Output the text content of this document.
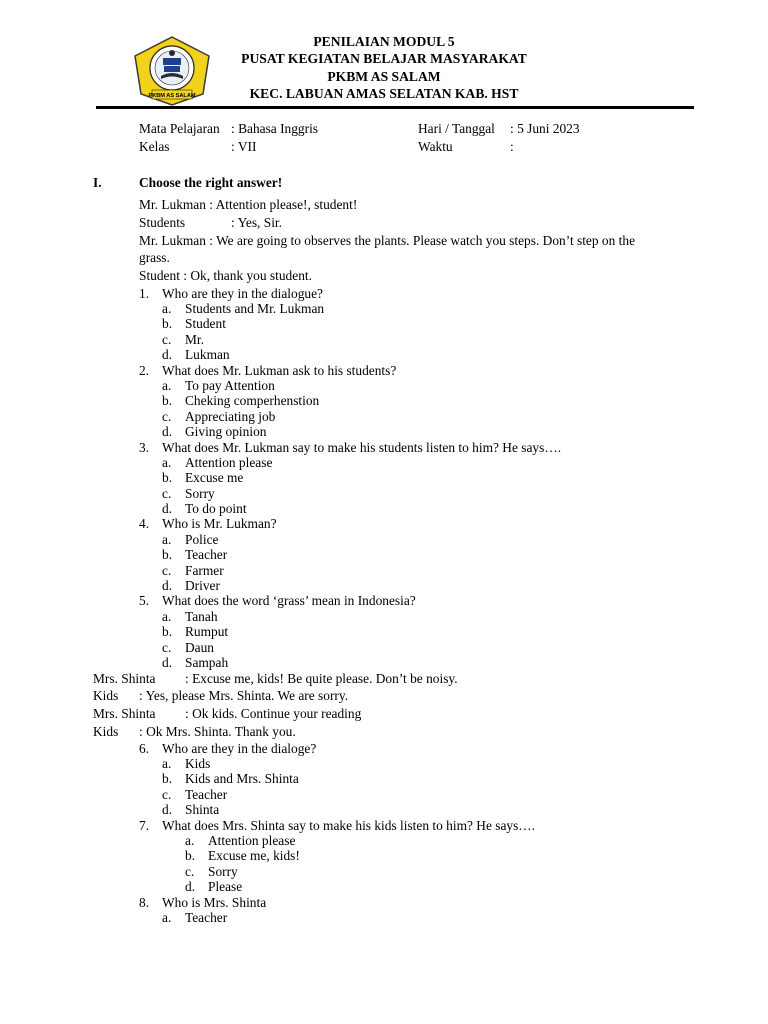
PKBM AS SALAM
PENILAIAN MODUL 5
PUSAT KEGIATAN BELAJAR MASYARAKAT
PKBM AS SALAM
KEC. LABUAN AMAS SELATAN KAB. HST
Mata Pelajaran : Bahasa Inggris
Kelas	: VII
Hari / Tanggal : 5 Juni 2023
Waktu	:
I.	Choose the right answer!
Mr. Lukman : Attention please!, student!
Students	: Yes, Sir.
Mr. Lukman : We are going to observes the plants. Please watch you steps. Don’t step on the
grass.
Student : Ok, thank you student.
1. Who are they in the dialogue?
a. Students and Mr. Lukman
b. Student
c. Mr.
d. Lukman
2. What does Mr. Lukman ask to his students?
a. To pay Attention
b. Cheking comperhenstion
c. Appreciating job
d. Giving opinion
3. What does Mr. Lukman say to make his students listen to him? He says….
a. Attention please
b. Excuse me
c. Sorry
d. To do point
4. Who is Mr. Lukman?
a. Police
b. Teacher
c. Farmer
d. Driver
5. What does the word ‘grass’ mean in Indonesia?
a. Tanah
b. Rumput
c. Daun
d. Sampah
Mrs. Shinta : Excuse me, kids! Be quite please. Don’t be noisy.
Kids : Yes, please Mrs. Shinta. We are sorry.
Mrs. Shinta : Ok kids. Continue your reading
Kids : Ok Mrs. Shinta. Thank you.
6. Who are they in the dialoge?
a. Kids
b. Kids and Mrs. Shinta
c. Teacher
d. Shinta
7. What does Mrs. Shinta say to make his kids listen to him? He says….
a. Attention please
b. Excuse me, kids!
c. Sorry
d. Please
8. Who is Mrs. Shinta
a. Teacher
